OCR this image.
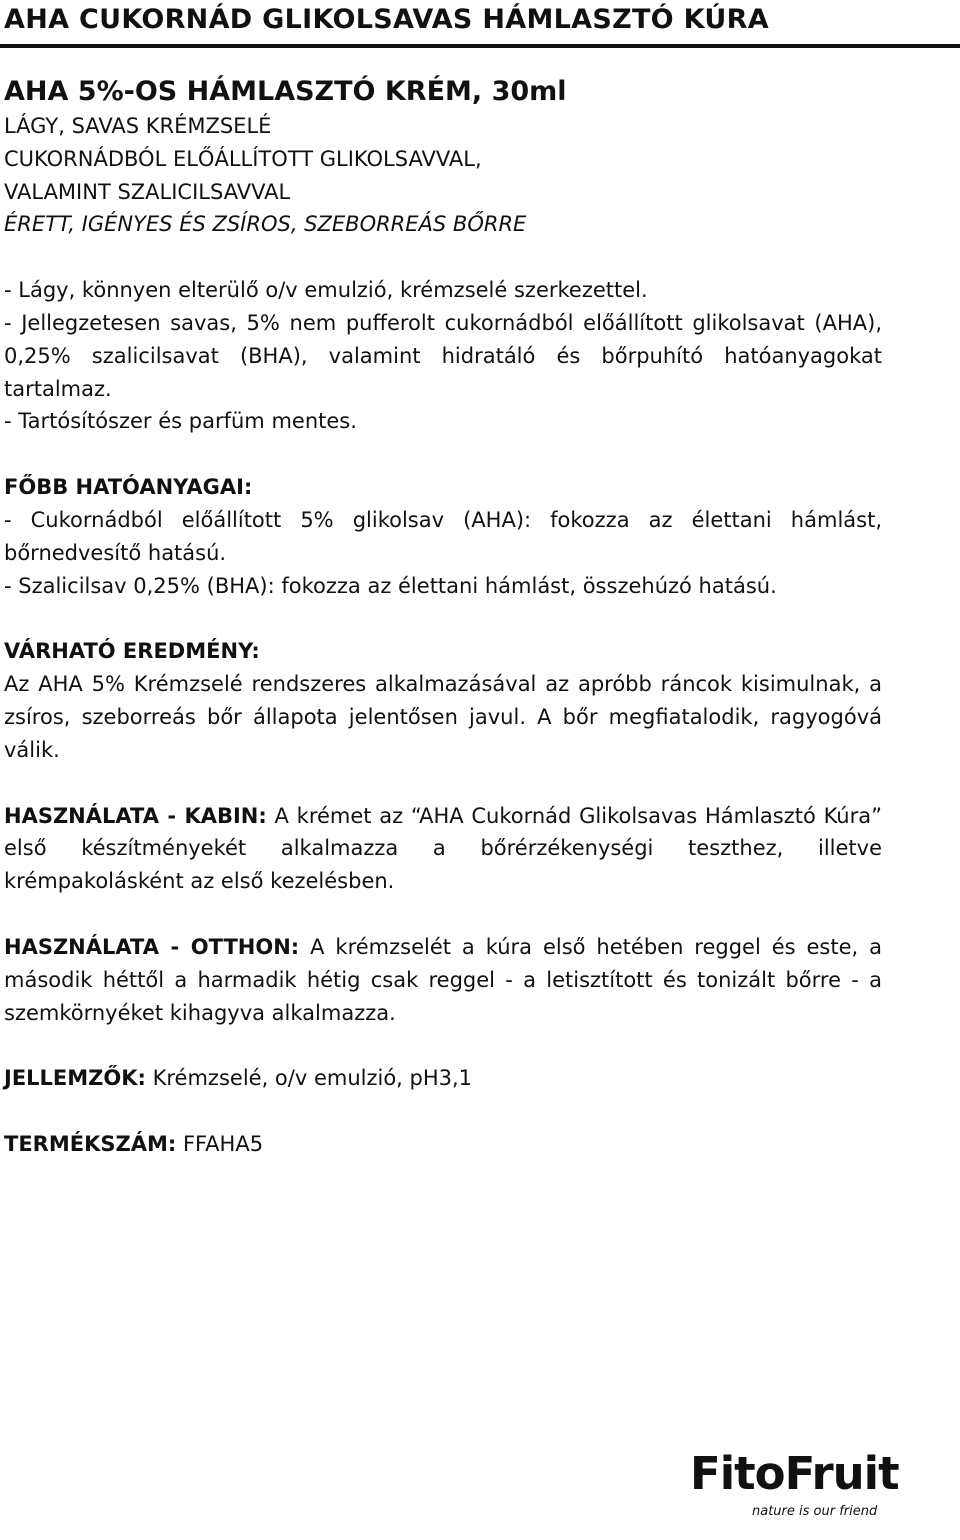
AHA CUKORNÁD GLIKOLSAVAS HÁMLASZTÓ KÚRA

AHA 5%-OS HÁMLASZTÓ KRÉM, 30ml

LÁGY, SAVAS KRÉMZSELÉ

CUKORNÁDBÓL ELŐÁLLÍTOTT GLIKOLSAVVAL,

VALAMINT SZALICILSAVVAL

ÉRETT, IGÉNYES ÉS ZSÍROS, SZEBORREÁS BŐRRE

- Lágy, könnyen elterülő o/v emulzió, krémzselé szerkezettel.

- Jellegzetesen savas, 5% nem pufferolt cukornádból előállított glikolsavat (AHA), 0,25% szalicilsavat (BHA), valamint hidratáló és bőrpuhító hatóanyagokat tartalmaz.

- Tartósítószer és parfüm mentes.

FŐBB HATÓANYAGAI:

- Cukornádból előállított 5% glikolsav (AHA): fokozza az élettani hámlást, bőrnedvesítő hatású.

- Szalicilsav 0,25% (BHA): fokozza az élettani hámlást, összehúzó hatású.

VÁRHATÓ EREDMÉNY:

Az AHA 5% Krémzselé rendszeres alkalmazásával az apróbb ráncok kisimulnak, a zsíros, szeborreás bőr állapota jelentősen javul. A bőr megfiatalodik, ragyogóvá válik.

HASZNÁLATA - KABIN: A krémet az “AHA Cukornád Glikolsavas Hámlasztó Kúra” első készítményekét alkalmazza a bőrérzékenységi teszthez, illetve krémpakolásként az első kezelésben.

HASZNÁLATA - OTTHON: A krémzselét a kúra első hetében reggel és este, a második héttől a harmadik hétig csak reggel - a letisztított és tonizált bőrre - a szemkörnyéket kihagyva alkalmazza.

JELLEMZŐK: Krémzselé, o/v emulzió, pH3,1

TERMÉKSZÁM: FFAHA5

FitoFruit
nature is our friend
